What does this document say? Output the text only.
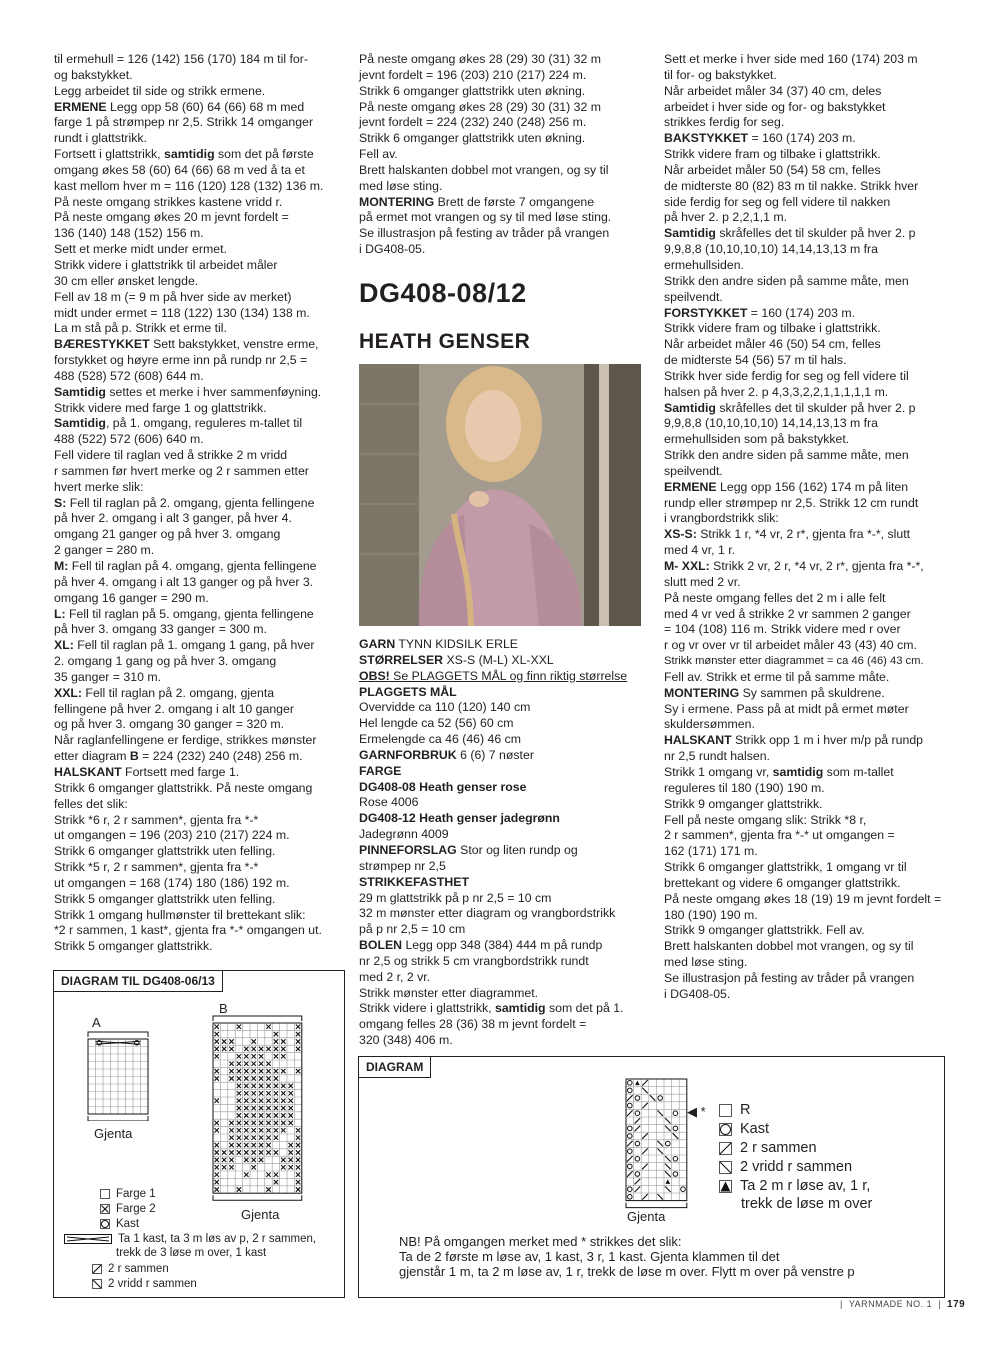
til ermehull = 126 (142) 156 (170) 184 m til for-

og bakstykket.

Legg arbeidet til side og strikk ermene.

ERMENE Legg opp 58 (60) 64 (66) 68 m med

farge 1 på strømpep nr 2,5. Strikk 14 omganger

rundt i glattstrikk.

Fortsett i glattstrikk, samtidig som det på første

omgang økes 58 (60) 64 (66) 68 m ved å ta et

kast mellom hver m = 116 (120) 128 (132) 136 m.

På neste omgang strikkes kastene vridd r.

På neste omgang økes 20 m jevnt fordelt =

136 (140) 148 (152) 156 m.

Sett et merke midt under ermet.

Strikk videre i glattstrikk til arbeidet måler

30 cm eller ønsket lengde.

Fell av 18 m (= 9 m på hver side av merket)

midt under ermet = 118 (122) 130 (134) 138 m.

La m stå på p. Strikk et erme til.

BÆRESTYKKET Sett bakstykket, venstre erme,

forstykket og høyre erme inn på rundp nr 2,5 =

488 (528) 572 (608) 644 m.

Samtidig settes et merke i hver sammenføyning.

Strikk videre med farge 1 og glattstrikk.

Samtidig, på 1. omgang, reguleres m-tallet til

488 (522) 572 (606) 640 m.

Fell videre til raglan ved å strikke 2 m vridd

r sammen før hvert merke og 2 r sammen etter

hvert merke slik:

S: Fell til raglan på 2. omgang, gjenta fellingene

på hver 2. omgang i alt 3 ganger, på hver 4.

omgang 21 ganger og på hver 3. omgang

2 ganger = 280 m.

M: Fell til raglan på 4. omgang, gjenta fellingene

på hver 4. omgang i alt 13 ganger og på hver 3.

omgang 16 ganger = 290 m.

L: Fell til raglan på 5. omgang, gjenta fellingene

på hver 3. omgang 33 ganger = 300 m.

XL: Fell til raglan på 1. omgang 1 gang, på hver

2. omgang 1 gang og på hver 3. omgang

35 ganger = 310 m.

XXL: Fell til raglan på 2. omgang, gjenta

fellingene på hver 2. omgang i alt 10 ganger

og på hver 3. omgang 30 ganger = 320 m.

Når raglanfellingene er ferdige, strikkes mønster

etter diagram B = 224 (232) 240 (248) 256 m.

HALSKANT Fortsett med farge 1.

Strikk 6 omganger glattstrikk. På neste omgang

felles det slik:

Strikk *6 r, 2 r sammen*, gjenta fra *-*

ut omgangen = 196 (203) 210 (217) 224 m.

Strikk 6 omganger glattstrikk uten felling.

Strikk *5 r, 2 r sammen*, gjenta fra *-*

ut omgangen = 168 (174) 180 (186) 192 m.

Strikk 5 omganger glattstrikk uten felling.

Strikk 1 omgang hullmønster til brettekant slik:

*2 r sammen, 1 kast*, gjenta fra *-* omgangen ut.

Strikk 5 omganger glattstrikk.

På neste omgang økes 28 (29) 30 (31) 32 m

jevnt fordelt = 196 (203) 210 (217) 224 m.

Strikk 6 omganger glattstrikk uten økning.

På neste omgang økes 28 (29) 30 (31) 32 m

jevnt fordelt = 224 (232) 240 (248) 256 m.

Strikk 6 omganger glattstrikk uten økning.

Fell av.

Brett halskanten dobbel mot vrangen, og sy til

med løse sting.

MONTERING Brett de første 7 omgangene

på ermet mot vrangen og sy til med løse sting.

Se illustrasjon på festing av tråder på vrangen

i DG408-05.

DG408-08/12
HEATH GENSER

GARN TYNN KIDSILK ERLE

STØRRELSER XS-S (M-L) XL-XXL

OBS! Se PLAGGETS MÅL og finn riktig størrelse

PLAGGETS MÅL

Overvidde ca 110 (120) 140 cm

Hel lengde ca 52 (56) 60 cm

Ermelengde ca 46 (46) 46 cm

GARNFORBRUK 6 (6) 7 nøster

FARGE

DG408-08 Heath genser rose

Rose 4006

DG408-12 Heath genser jadegrønn

Jadegrønn 4009

PINNEFORSLAG Stor og liten rundp og

strømpep nr 2,5

STRIKKEFASTHET

29 m glattstrikk på p nr 2,5 = 10 cm

32 m mønster etter diagram og vrangbordstrikk

på p nr 2,5 = 10 cm

BOLEN Legg opp 348 (384) 444 m på rundp

nr 2,5 og strikk 5 cm vrangbordstrikk rundt

med 2 r, 2 vr.

Strikk mønster etter diagrammet.

Strikk videre i glattstrikk, samtidig som det på 1.

omgang felles 28 (36) 38 m jevnt fordelt =

320 (348) 406 m.

Sett et merke i hver side med 160 (174) 203 m

til for- og bakstykket.

Når arbeidet måler 34 (37) 40 cm, deles

arbeidet i hver side og for- og bakstykket

strikkes ferdig for seg.

BAKSTYKKET = 160 (174) 203 m.

Strikk videre fram og tilbake i glattstrikk.

Når arbeidet måler 50 (54) 58 cm, felles

de midterste 80 (82) 83 m til nakke. Strikk hver

side ferdig for seg og fell videre til nakken

på hver 2. p 2,2,1,1 m.

Samtidig skråfelles det til skulder på hver 2. p

9,9,8,8 (10,10,10,10) 14,14,13,13 m fra

ermehullsiden.

Strikk den andre siden på samme måte, men

speilvendt.

FORSTYKKET = 160 (174) 203 m.

Strikk videre fram og tilbake i glattstrikk.

Når arbeidet måler 46 (50) 54 cm, felles

de midterste 54 (56) 57 m til hals.

Strikk hver side ferdig for seg og fell videre til

halsen på hver 2. p 4,3,3,2,2,1,1,1,1,1 m.

Samtidig skråfelles det til skulder på hver 2. p

9,9,8,8 (10,10,10,10) 14,14,13,13 m fra

ermehullsiden som på bakstykket.

Strikk den andre siden på samme måte, men

speilvendt.

ERMENE Legg opp 156 (162) 174 m på liten

rundp eller strømpep nr 2,5. Strikk 12 cm rundt

i vrangbordstrikk slik:

XS-S: Strikk 1 r, *4 vr, 2 r*, gjenta fra *-*, slutt

med 4 vr, 1 r.

M- XXL: Strikk 2 vr, 2 r, *4 vr, 2 r*, gjenta fra *-*,

slutt med 2 vr.

På neste omgang felles det 2 m i alle felt

med 4 vr ved å strikke 2 vr sammen 2 ganger

= 104 (108) 116 m. Strikk videre med r over

r og vr over vr til arbeidet måler 43 (43) 40 cm.

Strikk mønster etter diagrammet = ca 46 (46) 43 cm.

Fell av. Strikk et erme til på samme måte.

MONTERING Sy sammen på skuldrene.

Sy i ermene. Pass på at midt på ermet møter

skuldersømmen.

HALSKANT Strikk opp 1 m i hver m/p på rundp

nr 2,5 rundt halsen.

Strikk 1 omgang vr, samtidig som m-tallet

reguleres til 180 (190) 190 m.

Strikk 9 omganger glattstrikk.

Fell på neste omgang slik: Strikk *8 r,

2 r sammen*, gjenta fra *-* ut omgangen =

162 (171) 171 m.

Strikk 6 omganger glattstrikk, 1 omgang vr til

brettekant og videre 6 omganger glattstrikk.

På neste omgang økes 18 (19) 19 m jevnt fordelt =

180 (190) 190 m.

Strikk 9 omganger glattstrikk. Fell av.

Brett halskanten dobbel mot vrangen, og sy til

med løse sting.

Se illustrasjon på festing av tråder på vrangen

i DG408-05.

DIAGRAM TIL DG408-06/13
A
B
Gjenta
Gjenta
Farge 1
Farge 2
Kast
Ta 1 kast, ta 3 m løs av p, 2 r sammen,
trekk de 3 løse m over, 1 kast
2 r sammen
2 vridd r sammen
DIAGRAM
◀ *
Gjenta
R
Kast
2 r sammen
2 vridd r sammen
Ta 2 m r løse av, 1 r,
trekk de løse m over
NB! På omgangen merket med * strikkes det slik:
Ta de 2 første m løse av, 1 kast, 3 r, 1 kast. Gjenta klammen til det
gjenstår 1 m, ta 2 m løse av, 1 r, trekk de løse m over. Flytt m over på venstre p
|  YARNMADE NO. 1  |  179
